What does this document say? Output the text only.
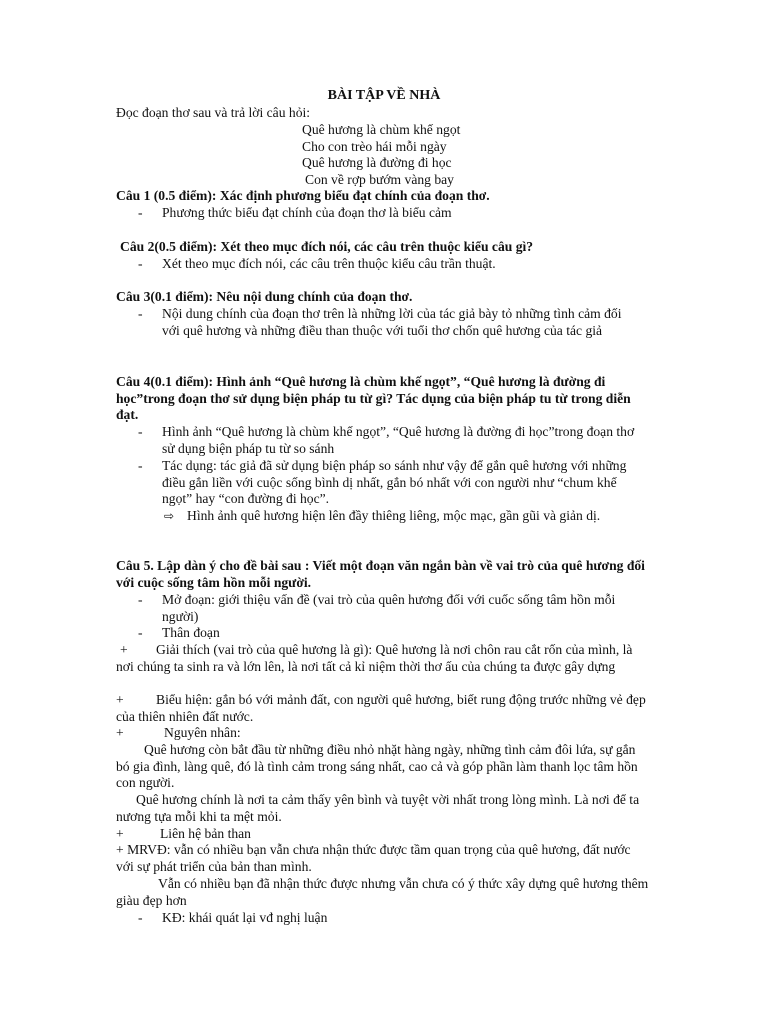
BÀI TẬP VỀ NHÀ
Đọc đoạn thơ sau và trả lời câu hỏi:
Quê hương là chùm khế ngọt
Cho con trèo hái mỗi ngày
Quê hương là đường đi học
Con về rợp bướm vàng bay
Câu 1 (0.5 điểm): Xác định phương biểu đạt chính của đoạn thơ.
- Phương thức biểu đạt chính của đoạn thơ là biểu cảm
Câu 2(0.5 điểm): Xét theo mục đích nói, các câu trên thuộc kiểu câu gì?
- Xét theo mục đích nói, các câu trên thuộc kiểu câu trần thuật.
Câu 3(0.1 điểm): Nêu nội dung chính của đoạn thơ.
- Nội dung chính của đoạn thơ trên là những lời của tác giả bày tỏ những tình cảm đối với quê hương và những điều than thuộc với tuổi thơ chốn quê hương của tác giả
Câu 4(0.1 điểm): Hình ảnh “Quê hương là chùm khế ngọt”, “Quê hương là đường đi học”trong đoạn thơ sử dụng biện pháp tu từ gì? Tác dụng của biện pháp tu từ trong diễn đạt.
- Hình ảnh “Quê hương là chùm khế ngọt”, “Quê hương là đường đi học”trong đoạn thơ sử dụng biện pháp tu từ so sánh
- Tác dụng: tác giả đã sử dụng biện pháp so sánh như vậy để gắn quê hương với những điều gắn liền với cuộc sống bình dị nhất, gắn bó nhất với con người như “chum khế ngọt” hay “con đường đi học”.
⇨ Hình ảnh quê hương hiện lên đầy thiêng liêng, mộc mạc, gần gũi và giản dị.
Câu 5. Lập dàn ý cho đề bài sau : Viết một đoạn văn ngắn bàn về vai trò của quê hương đối với cuộc sống tâm hồn mỗi người.
- Mở đoạn: giới thiệu vấn đề (vai trò của quên hương đối với cuốc sống tâm hồn mỗi người)
- Thân đoạn
+ Giải thích (vai trò của quê hương là gì): Quê hương là nơi chôn rau cắt rốn của mình, là nơi chúng ta sinh ra và lớn lên, là nơi tất cả kỉ niệm thời thơ ấu của chúng ta được gây dựng
+ Biểu hiện: gắn bó với mảnh đất, con người quê hương, biết rung động trước những vẻ đẹp của thiên nhiên đất nước.
+	Nguyên nhân:
Quê hương còn bắt đầu từ những điều nhỏ nhặt hàng ngày, những tình cảm đôi lứa, sự gắn bó gia đình, làng quê, đó là tình cảm trong sáng nhất, cao cả và góp phần làm thanh lọc tâm hồn con người.
Quê hương chính là nơi ta cảm thấy yên bình và tuyệt vời nhất trong lòng mình. Là nơi để ta nương tựa mỗi khi ta mệt mỏi.
+	Liên hệ bản than
+ MRVĐ: vẫn có nhiều bạn vẫn chưa nhận thức được tầm quan trọng của quê hương, đất nước với sự phát triển của bản than mình.
Vẫn có nhiều bạn đã nhận thức được nhưng vẫn chưa có ý thức xây dựng quê hương thêm giàu đẹp hơn
- KĐ: khái quát lại vđ nghị luận
